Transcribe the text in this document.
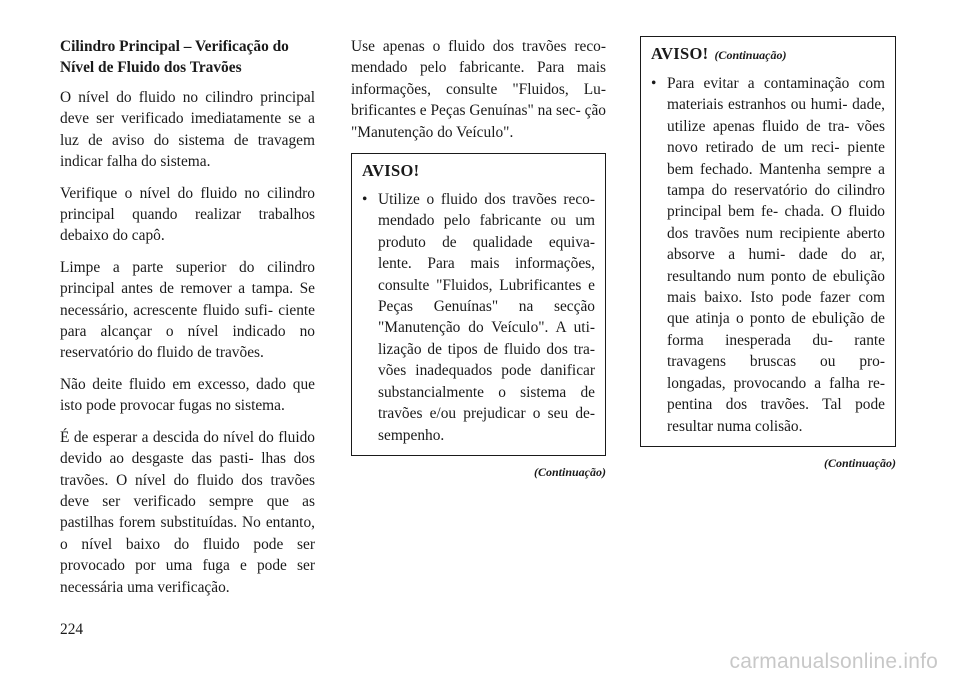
Cilindro Principal – Verificação do Nível de Fluido dos Travões

O nível do fluido no cilindro principal deve ser verificado imediatamente se a luz de aviso do sistema de travagem indicar falha do sistema.

Verifique o nível do fluido no cilindro principal quando realizar trabalhos debaixo do capô.

Limpe a parte superior do cilindro principal antes de remover a tampa. Se necessário, acrescente fluido sufi- ciente para alcançar o nível indicado no reservatório do fluido de travões.

Não deite fluido em excesso, dado que isto pode provocar fugas no sistema.

É de esperar a descida do nível do fluido devido ao desgaste das pasti- lhas dos travões. O nível do fluido dos travões deve ser verificado sempre que as pastilhas forem substituídas. No entanto, o nível baixo do fluido pode ser provocado por uma fuga e pode ser necessária uma verificação.

Use apenas o fluido dos travões reco- mendado pelo fabricante. Para mais informações, consulte "Fluidos, Lu- brificantes e Peças Genuínas" na sec- ção "Manutenção do Veículo".

AVISO!
• Utilize o fluido dos travões reco- mendado pelo fabricante ou um produto de qualidade equiva- lente. Para mais informações, consulte "Fluidos, Lubrificantes e Peças Genuínas" na secção "Manutenção do Veículo". A uti- lização de tipos de fluido dos tra- vões inadequados pode danificar substancialmente o sistema de travões e/ou prejudicar o seu de- sempenho.
(Continuação)
AVISO! (Continuação)
• Para evitar a contaminação com materiais estranhos ou humi- dade, utilize apenas fluido de tra- vões novo retirado de um reci- piente bem fechado. Mantenha sempre a tampa do reservatório do cilindro principal bem fe- chada. O fluido dos travões num recipiente aberto absorve a humi- dade do ar, resultando num ponto de ebulição mais baixo. Isto pode fazer com que atinja o ponto de ebulição de forma inesperada du- rante travagens bruscas ou pro- longadas, provocando a falha re- pentina dos travões. Tal pode resultar numa colisão.
(Continuação)
224
carmanualsonline.info
